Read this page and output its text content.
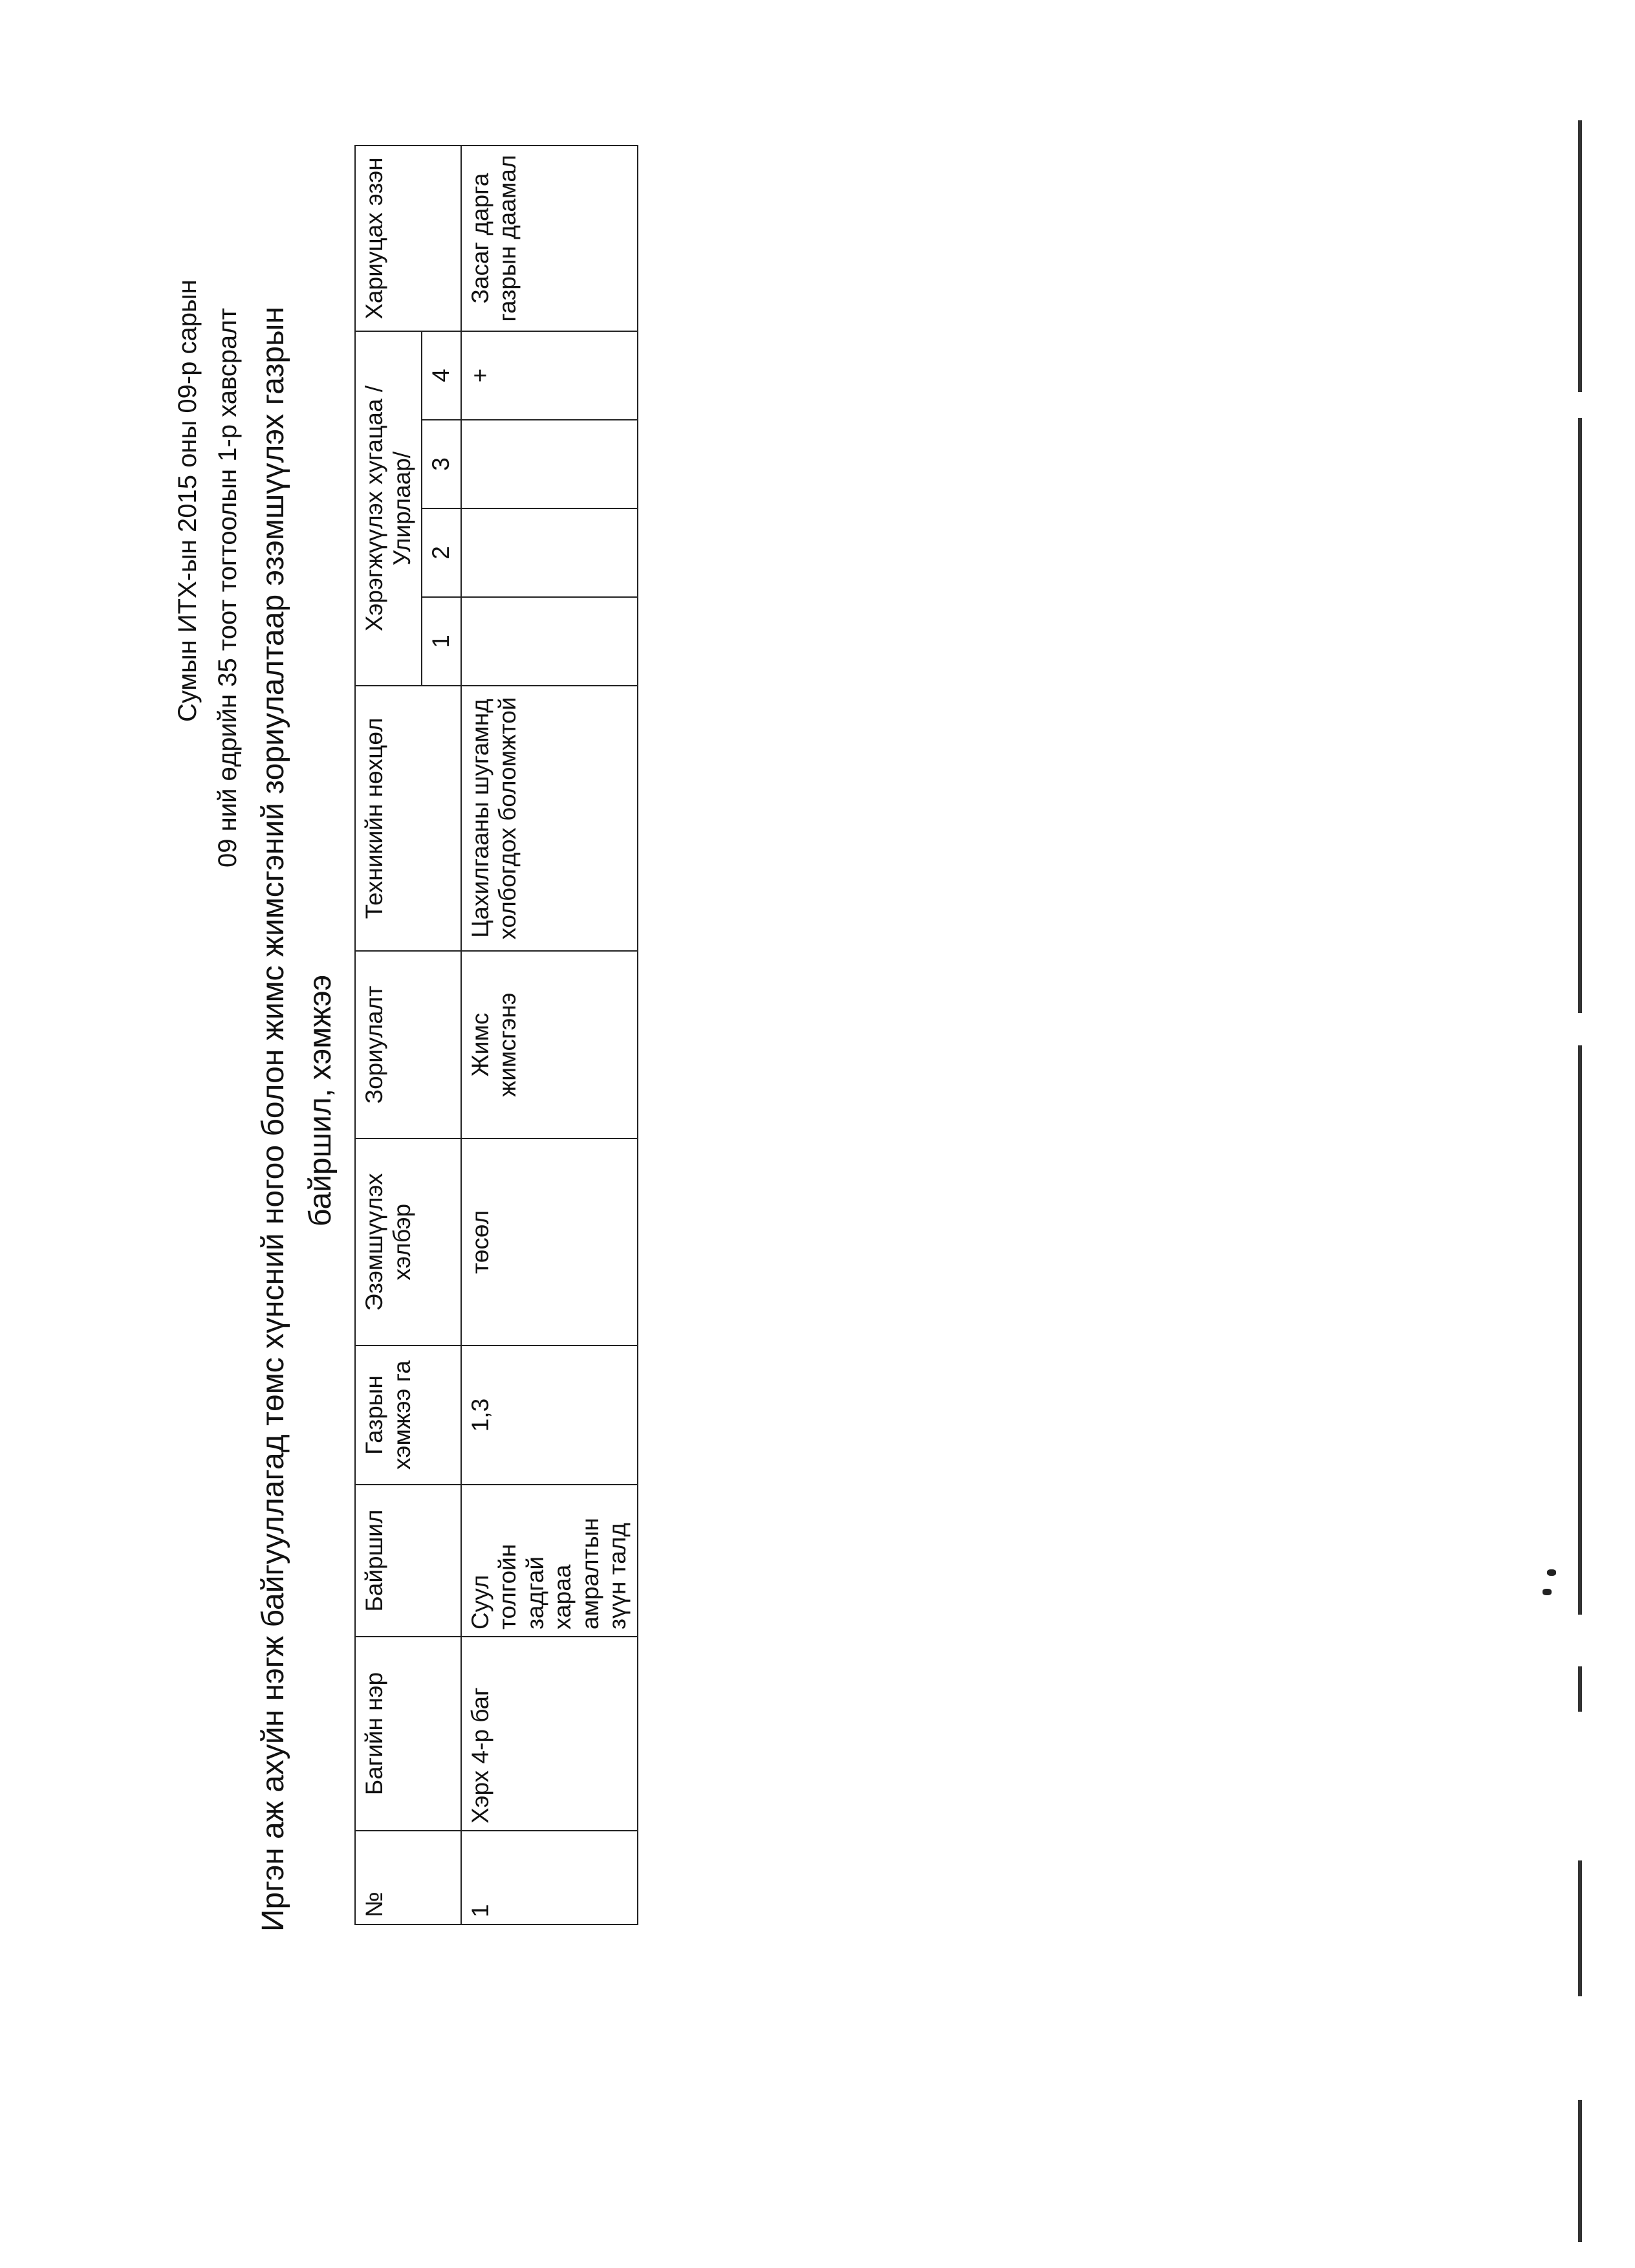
Сумын ИТХ-ын 2015 оны 09-р сарын 09 ний өдрийн 35 тоот тогтоолын 1-р хавсралт Иргэн аж ахуйн нэгж байгууллагад төмс хүнсний ногоо болон жимс жимсгэний зориулалтаар эзэмшүүлэх газрын байршил, хэмжээ
№	Багийн нэр	Байршил	Газрын хэмжээ га	Эзэмшүүлэх хэлбэр	Зориулалт	Техникийн нөхцөл	Хэрэгжүүлэх хугацаа /Улирлаар/				Хариуцах эзэн
							1	2	3	4	
1	Хэрх 4-р баг	Суул толгойн задгай хараа амралтын зүүн талд	1,3	төсөл	Жимс жимсгэнэ	Цахилгааны шугамнд холбогдох боломжтой				+	Засаг дарга газрын даамал
